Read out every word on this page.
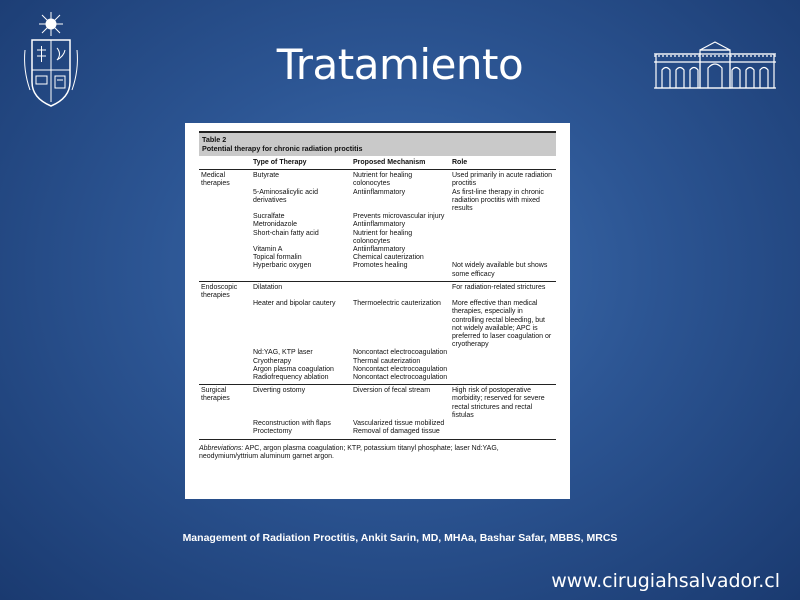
Tratamiento
Table 2
Potential therapy for chronic radiation proctitis
	Type of Therapy	Proposed Mechanism	Role
Medical therapies	Butyrate	Nutrient for healing colonocytes	Used primarily in acute radiation proctitis
	5-Aminosalicylic acid derivatives	Antiinflammatory	As first-line therapy in chronic radiation proctitis with mixed results
	Sucralfate	Prevents microvascular injury	
	Metronidazole	Antiinflammatory	
	Short-chain fatty acid	Nutrient for healing colonocytes	
	Vitamin A	Antiinflammatory	
	Topical formalin	Chemical cauterization	
	Hyperbaric oxygen	Promotes healing	Not widely available but shows some efficacy
Endoscopic therapies	Dilatation		For radiation-related strictures
	Heater and bipolar cautery	Thermoelectric cauterization	More effective than medical therapies, especially in controlling rectal bleeding, but not widely available; APC is preferred to laser coagulation or cryotherapy
	Nd:YAG, KTP laser	Noncontact electrocoagulation	
	Cryotherapy	Thermal cauterization	
	Argon plasma coagulation	Noncontact electrocoagulation	
	Radiofrequency ablation	Noncontact electrocoagulation	
Surgical therapies	Diverting ostomy	Diversion of fecal stream	High risk of postoperative morbidity; reserved for severe rectal strictures and rectal fistulas
	Reconstruction with flaps	Vascularized tissue mobilized	
	Proctectomy	Removal of damaged tissue	
Abbreviations: APC, argon plasma coagulation; KTP, potassium titanyl phosphate; laser Nd:YAG, neodymium/yttrium aluminum garnet argon.
Management of Radiation Proctitis, Ankit Sarin, MD, MHAa, Bashar Safar, MBBS, MRCS
www.cirugiahsalvador.cl
